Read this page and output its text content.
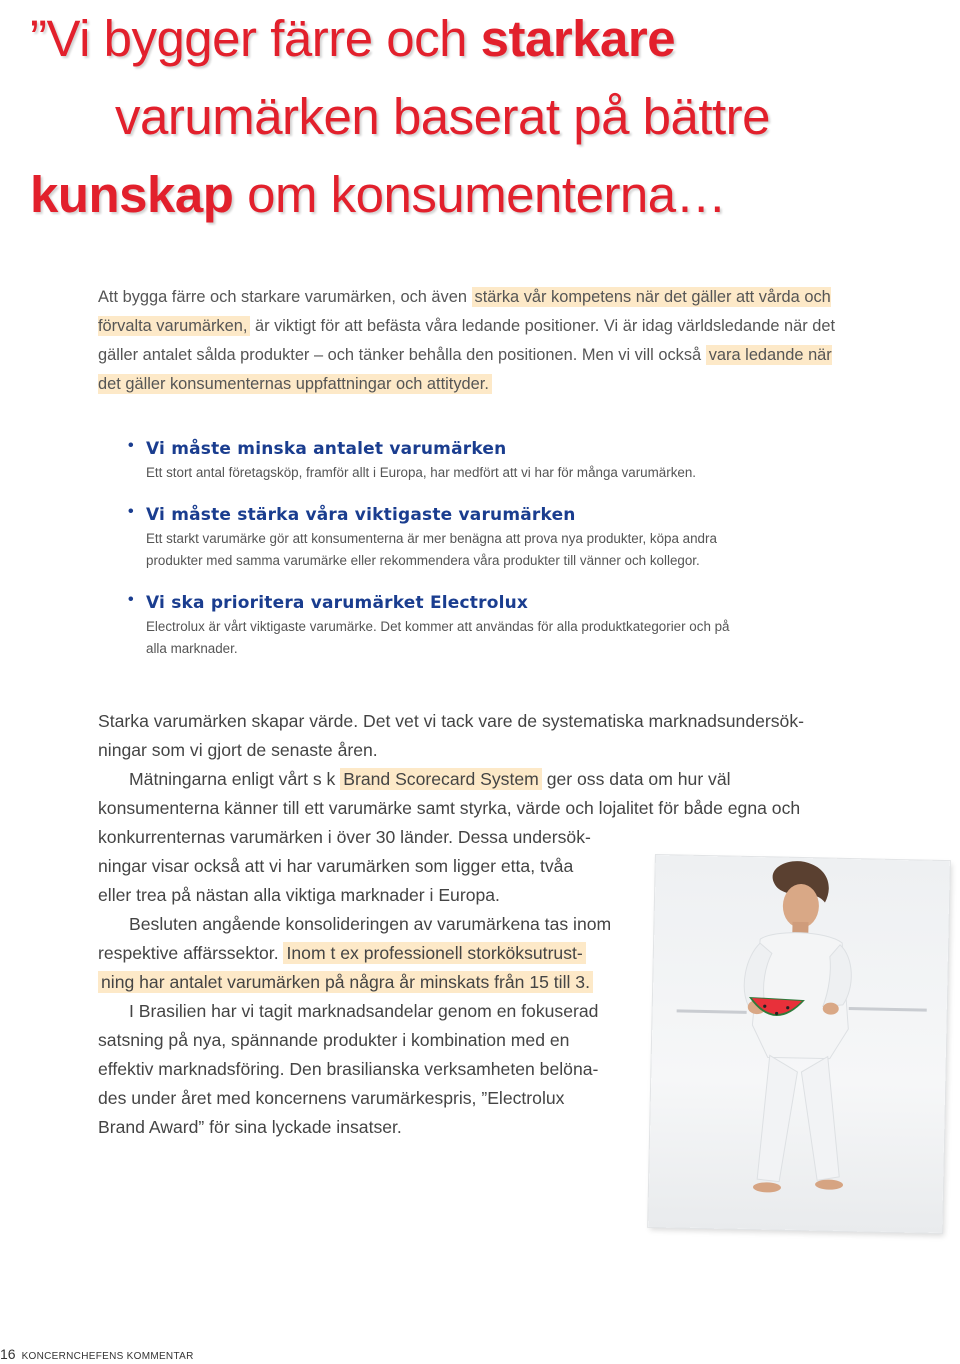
”Vi bygger färre och starkare
varumärken baserat på bättre
kunskap om konsumenterna…

Att bygga färre och starkare varumärken, och även stärka vår kompetens när det gäller att vårda och förvalta varumärken, är viktigt för att befästa våra ledande positioner. Vi är idag världsledande när det gäller antalet sålda produkter – och tänker behålla den positionen. Men vi vill också vara ledande när det gäller konsumenternas uppfattningar och attityder.

• Vi måste minska antalet varumärken

Ett stort antal företagsköp, framför allt i Europa, har medfört att vi har för många varumärken.

• Vi måste stärka våra viktigaste varumärken

Ett starkt varumärke gör att konsumenterna är mer benägna att prova nya produkter, köpa andra produkter med samma varumärke eller rekommendera våra produkter till vänner och kollegor.

• Vi ska prioritera varumärket Electrolux

Electrolux är vårt viktigaste varumärke. Det kommer att användas för alla produktkategorier och på alla marknader.

Starka varumärken skapar värde. Det vet vi tack vare de systematiska marknadsundersök-ningar som vi gjort de senaste åren.

Mätningarna enligt vårt s k Brand Scorecard System ger oss data om hur väl konsumenterna känner till ett varumärke samt styrka, värde och lojalitet för både egna och konkurrenternas varumärken i över 30 länder. Dessa undersök-

ningar visar också att vi har varumärken som ligger etta, tvåa

eller trea på nästan alla viktiga marknader i Europa.

Besluten angående konsolideringen av varumärkena tas inom

respektive affärssektor. Inom t ex professionell storköksutrust-

ning har antalet varumärken på några år minskats från 15 till 3.

I Brasilien har vi tagit marknadsandelar genom en fokuserad

satsning på nya, spännande produkter i kombination med en

effektiv marknadsföring. Den brasilianska verksamheten belöna-

des under året med koncernens varumärkespris, ”Electrolux

Brand Award” för sina lyckade insatser.

16 KONCERNCHEFENS KOMMENTAR
